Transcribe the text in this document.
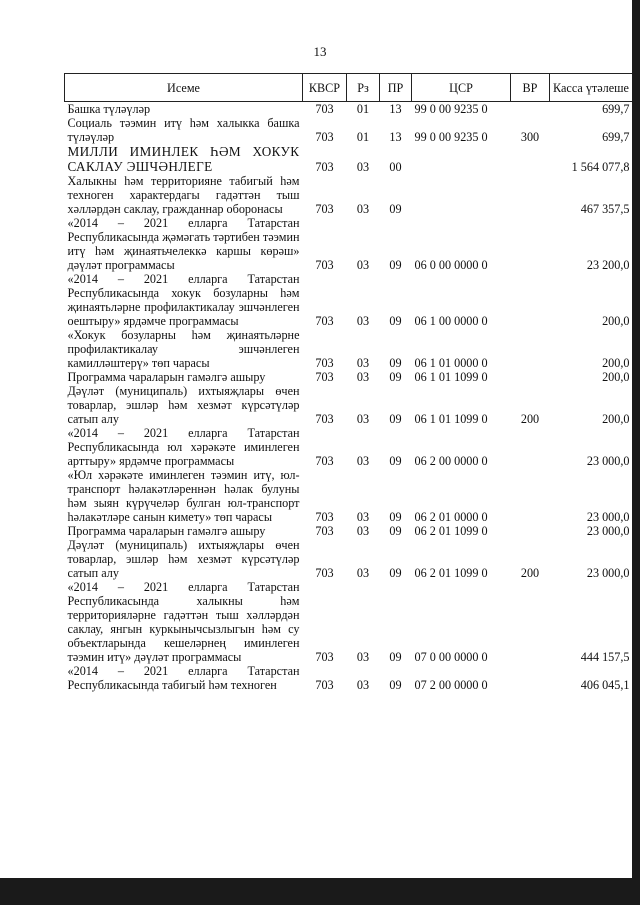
13
Исеме	КВСР	Рз	ПР	ЦСР	ВР	Касса үтәлеше
Башка түләүләр	703	01	13	99 0 00 9235 0		699,7
Социаль тәэмин итү һәм халыкка башка түләүләр	703	01	13	99 0 00 9235 0	300	699,7
МИЛЛИ ИМИНЛЕК ҺӘМ ХОКУК САКЛАУ ЭШЧӘНЛЕГЕ	703	03	00			1 564 077,8
Халыкны һәм территорияне табигый һәм техноген характердагы гадәттән тыш хәлләрдән саклау, гражданнар оборонасы	703	03	09			467 357,5
«2014 – 2021 елларга Татарстан Республикасында җәмәгать тәртибен тәэмин итү һәм җинаятьчелеккә каршы көрәш» дәүләт программасы	703	03	09	06 0 00 0000 0		23 200,0
«2014 – 2021 елларга Татарстан Республикасында хокук бозуларны һәм җинаятьләрне профилактикалау эшчәнлеген оештыру» ярдәмче программасы	703	03	09	06 1 00 0000 0		200,0
«Хокук бозуларны һәм җинаятьләрне профилактикалау эшчәнлеген камилләштерү» төп чарасы	703	03	09	06 1 01 0000 0		200,0
Программа чараларын гамәлгә ашыру	703	03	09	06 1 01 1099 0		200,0
Дәүләт (муниципаль) ихтыяҗлары өчен товарлар, эшләр һәм хезмәт күрсәтүләр сатып алу	703	03	09	06 1 01 1099 0	200	200,0
«2014 – 2021 елларга Татарстан Республикасында юл хәрәкәте иминлеген арттыру» ярдәмче программасы	703	03	09	06 2 00 0000 0		23 000,0
«Юл хәрәкәте иминлеген тәэмин итү, юл-транспорт һәлакәтләреннән һәлак булуны һәм зыян күрүчеләр булган юл-транспорт һәлакәтләре санын кимету» төп чарасы	703	03	09	06 2 01 0000 0		23 000,0
Программа чараларын гамәлгә ашыру	703	03	09	06 2 01 1099 0		23 000,0
Дәүләт (муниципаль) ихтыяҗлары өчен товарлар, эшләр һәм хезмәт күрсәтүләр сатып алу	703	03	09	06 2 01 1099 0	200	23 000,0
«2014 – 2021 елларга Татарстан Республикасында халыкны һәм территорияләрне гадәттән тыш хәлләрдән саклау, янгын куркынычсызлыгын һәм су объектларында кешеләрнең иминлеген тәэмин итү» дәүләт программасы	703	03	09	07 0 00 0000 0		444 157,5
«2014 – 2021 елларга Татарстан Республикасында табигый һәм техноген	703	03	09	07 2 00 0000 0		406 045,1
